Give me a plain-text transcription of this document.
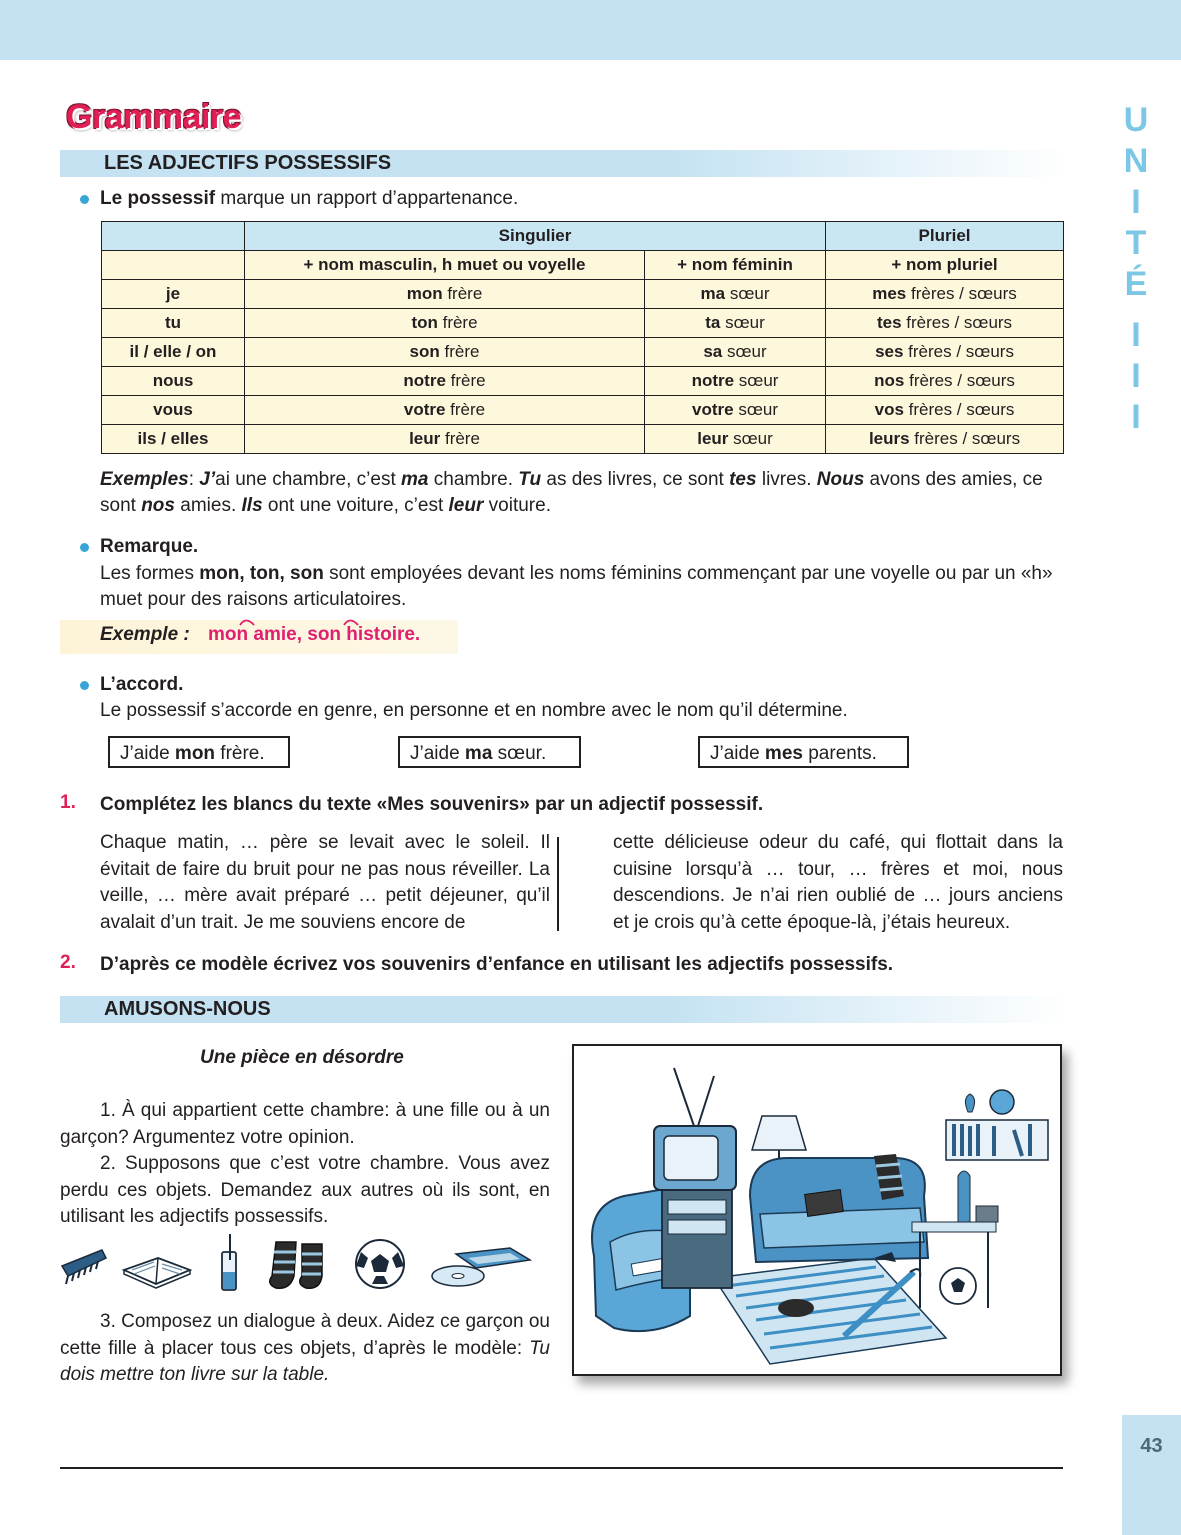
U
N
I
T
É
I
I
I
43
Grammaire
LES ADJECTIFS POSSESSIFS
Le possessif marque un rapport d’appartenance.
	Singulier		Pluriel
	+ nom masculin, h muet ou voyelle	+ nom féminin	+ nom pluriel
je	mon frère	ma sœur	mes frères / sœurs
tu	ton frère	ta sœur	tes frères / sœurs
il / elle / on	son frère	sa sœur	ses frères / sœurs
nous	notre frère	notre sœur	nos frères / sœurs
vous	votre frère	votre sœur	vos frères / sœurs
ils / elles	leur frère	leur sœur	leurs frères / sœurs
Exemples: J’ai une chambre, c’est ma chambre. Tu as des livres, ce sont tes livres. Nous avons des amies, ce sont nos amies. Ils ont une voiture, c’est leur voiture.
Remarque.
Les formes mon, ton, son sont employées devant les noms féminins commençant par une voyelle ou par un «h» muet pour des raisons articulatoires.
Exemple : mon amie, son histoire.
L’accord.
Le possessif s’accorde en genre, en personne et en nombre avec le nom qu’il détermine.
J’aide mon frère.	J’aide ma sœur.	J’aide mes parents.
1. Complétez les blancs du texte «Mes souvenirs» par un adjectif possessif.
Chaque matin, … père se levait avec le soleil. Il évitait de faire du bruit pour ne pas nous réveiller. La veille, … mère avait préparé … petit déjeuner, qu’il avalait d’un trait. Je me souviens encore de
cette délicieuse odeur du café, qui flottait dans la cuisine lorsqu’à … tour, … frères et moi, nous descendions. Je n’ai rien oublié de … jours anciens et je crois qu’à cette époque-là, j’étais heureux.
2. D’après ce modèle écrivez vos souvenirs d’enfance en utilisant les adjectifs possessifs.
AMUSONS-NOUS
Une pièce en désordre
1. À qui appartient cette chambre: à une fille ou à un garçon? Argumentez votre opinion.
2. Supposons que c’est votre chambre. Vous avez perdu ces objets. Demandez aux autres où ils sont, en utilisant les adjectifs possessifs.
3. Composez un dialogue à deux. Aidez ce garçon ou cette fille à placer tous ces objets, d’après le modèle: Tu dois mettre ton livre sur la table.
